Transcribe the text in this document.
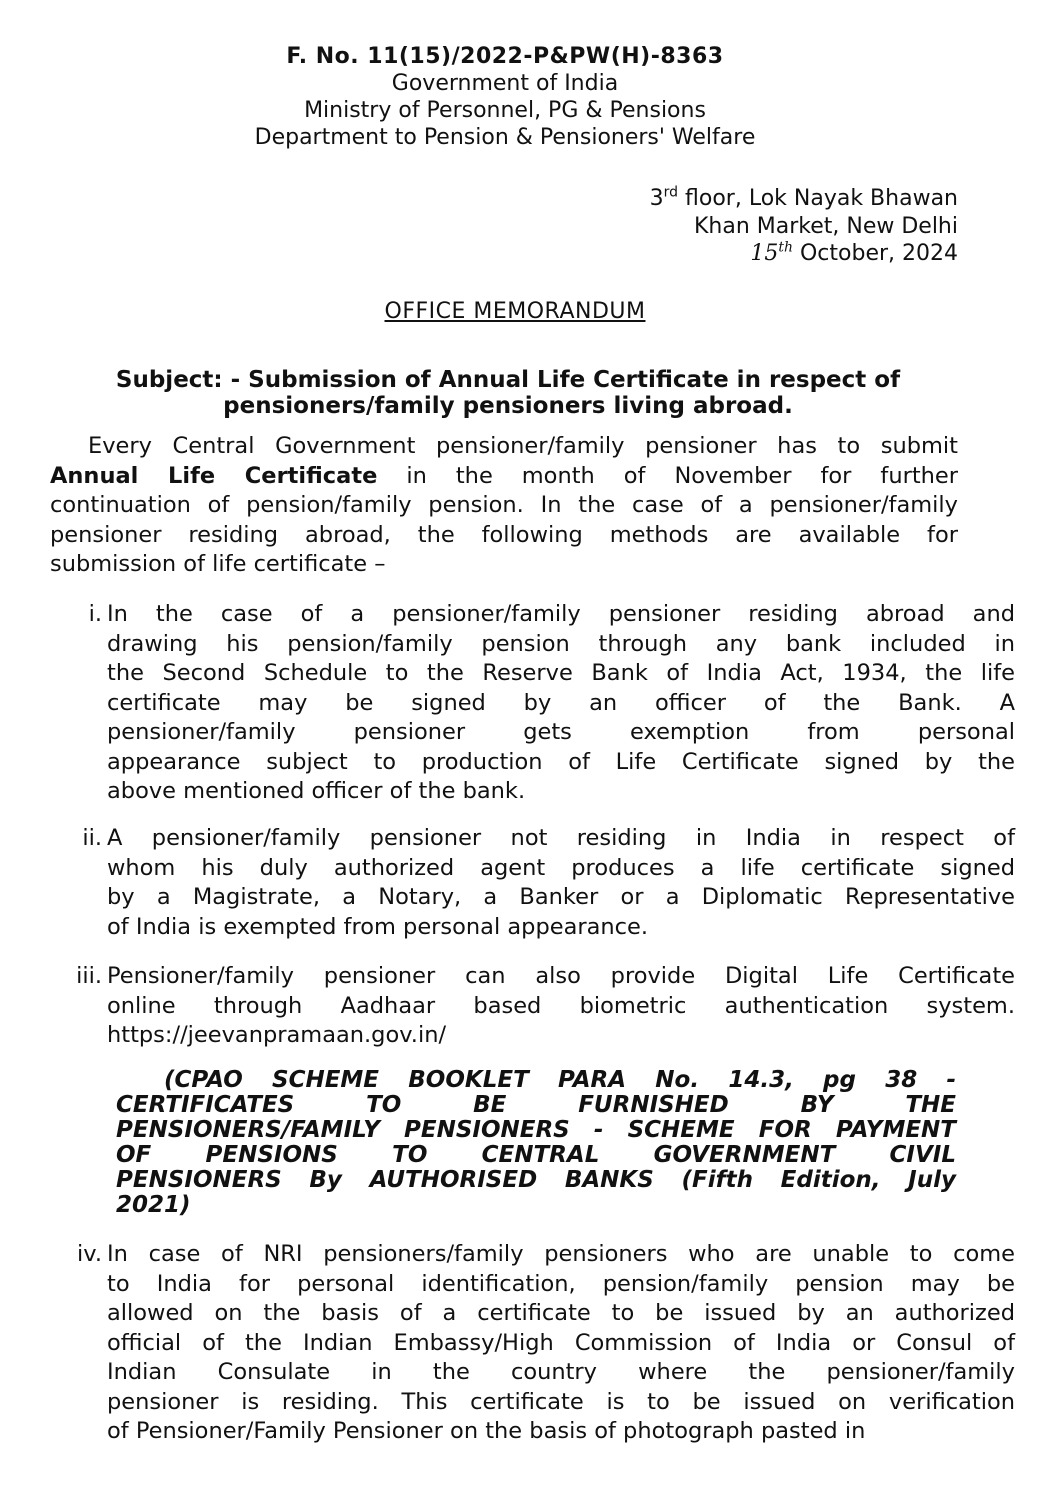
F. No. 11(15)/2022-P&PW(H)-8363
Government of India
Ministry of Personnel, PG & Pensions
Department to Pension & Pensioners' Welfare
3rd floor, Lok Nayak Bhawan
Khan Market, New Delhi
15th October, 2024
OFFICE MEMORANDUM
Subject: - Submission of Annual Life Certificate in respect of
pensioners/family pensioners living abroad.
Every Central Government pensioner/family pensioner has to submit
Annual Life Certificate in the month of November for further
continuation of pension/family pension. In the case of a pensioner/family
pensioner residing abroad, the following methods are available for
submission of life certificate –
i. In the case of a pensioner/family pensioner residing abroad and
drawing his pension/family pension through any bank included in
the Second Schedule to the Reserve Bank of India Act, 1934, the life
certificate may be signed by an officer of the Bank. A
pensioner/family pensioner gets exemption from personal
appearance subject to production of Life Certificate signed by the
above mentioned officer of the bank.
ii. A pensioner/family pensioner not residing in India in respect of
whom his duly authorized agent produces a life certificate signed
by a Magistrate, a Notary, a Banker or a Diplomatic Representative
of India is exempted from personal appearance.
iii. Pensioner/family pensioner can also provide Digital Life Certificate
online through Aadhaar based biometric authentication system.
https://jeevanpramaan.gov.in/
iv. In case of NRI pensioners/family pensioners who are unable to come
to India for personal identification, pension/family pension may be
allowed on the basis of a certificate to be issued by an authorized
official of the Indian Embassy/High Commission of India or Consul of
Indian Consulate in the country where the pensioner/family
pensioner is residing. This certificate is to be issued on verification
of Pensioner/Family Pensioner on the basis of photograph pasted in
(CPAO SCHEME BOOKLET PARA No. 14.3, pg 38 -
CERTIFICATES TO BE FURNISHED BY THE
PENSIONERS/FAMILY PENSIONERS - SCHEME FOR PAYMENT
OF PENSIONS TO CENTRAL GOVERNMENT CIVIL
PENSIONERS By AUTHORISED BANKS (Fifth Edition, July
2021)
